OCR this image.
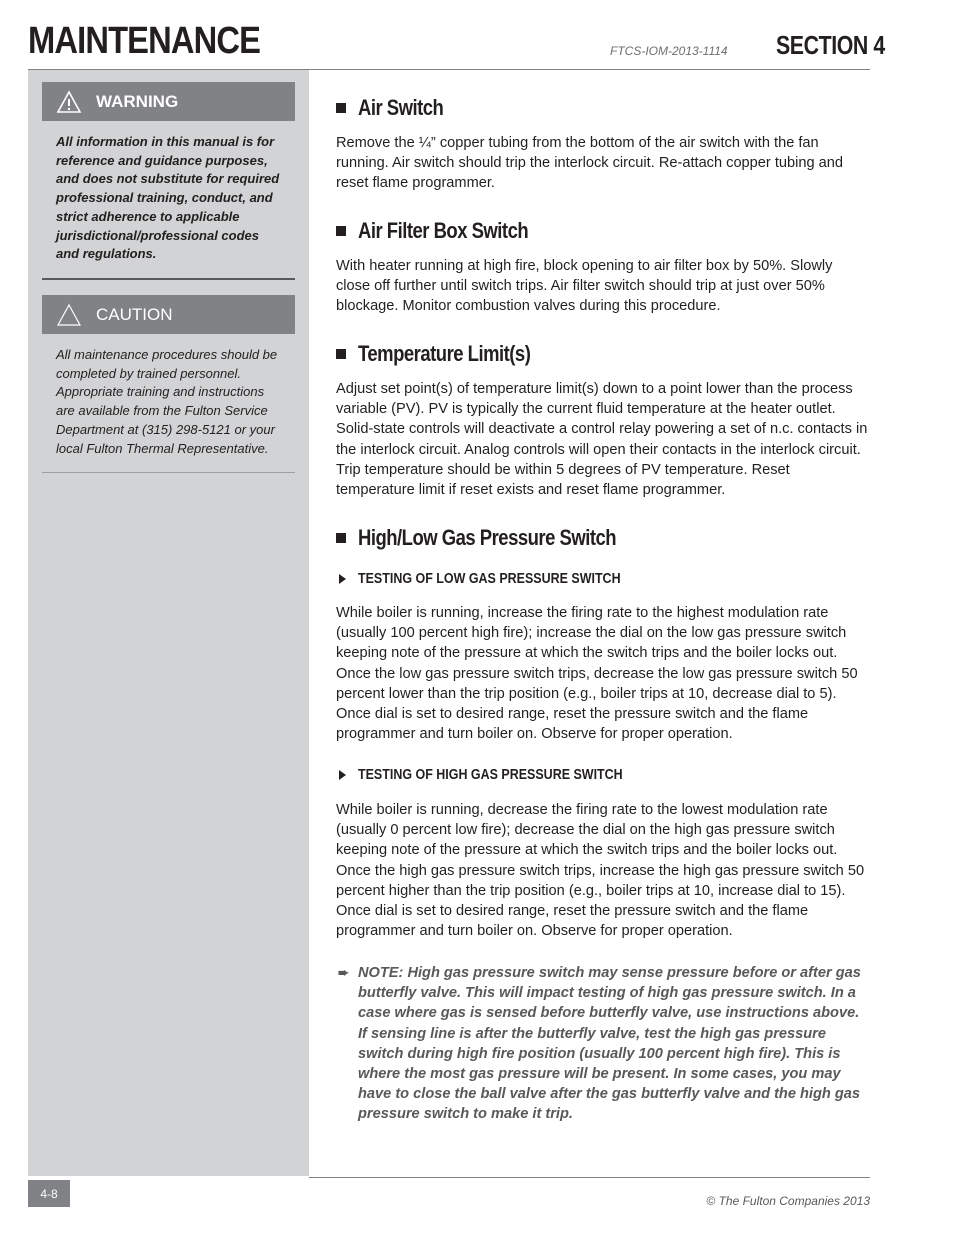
MAINTENANCE	FTCS-IOM-2013-1114 SECTION 4
WARNING
All information in this manual is for reference and guidance purposes, and does not substitute for required professional training, conduct, and strict adherence to applicable jurisdictional/professional codes and regulations.
CAUTION
All maintenance procedures should be completed by trained personnel. Appropriate training and instructions are available from the Fulton Service Department at (315) 298-5121 or your local Fulton Thermal Representative.
Air Switch
Remove the ¼” copper tubing from the bottom of the air switch with the fan running. Air switch should trip the interlock circuit. Re-attach copper tubing and reset flame programmer.
Air Filter Box Switch
With heater running at high fire, block opening to air filter box by 50%. Slowly close off further until switch trips. Air filter switch should trip at just over 50% blockage. Monitor combustion valves during this procedure.
Temperature Limit(s)
Adjust set point(s) of temperature limit(s) down to a point lower than the process variable (PV). PV is typically the current fluid temperature at the heater outlet. Solid-state controls will deactivate a control relay powering a set of n.c. contacts in the interlock circuit. Analog controls will open their contacts in the interlock circuit. Trip temperature should be within 5 degrees of PV temperature. Reset temperature limit if reset exists and reset flame programmer.
High/Low Gas Pressure Switch
TESTING OF LOW GAS PRESSURE SWITCH
While boiler is running, increase the firing rate to the highest modulation rate (usually 100 percent high fire); increase the dial on the low gas pressure switch keeping note of the pressure at which the switch trips and the boiler locks out. Once the low gas pressure switch trips, decrease the low gas pressure switch 50 percent lower than the trip position (e.g., boiler trips at 10, decrease dial to 5). Once dial is set to desired range, reset the pressure switch and the flame programmer and turn boiler on. Observe for proper operation.
TESTING OF HIGH GAS PRESSURE SWITCH
While boiler is running, decrease the firing rate to the lowest modulation rate (usually 0 percent low fire); decrease the dial on the high gas pressure switch keeping note of the pressure at which the switch trips and the boiler locks out. Once the high gas pressure switch trips, increase the high gas pressure switch 50 percent higher than the trip position (e.g., boiler trips at 10, increase dial to 15). Once dial is set to desired range, reset the pressure switch and the flame programmer and turn boiler on. Observe for proper operation.
➨ NOTE: High gas pressure switch may sense pressure before or after gas butterfly valve. This will impact testing of high gas pressure switch. In a case where gas is sensed before butterfly valve, use instructions above. If sensing line is after the butterfly valve, test the high gas pressure switch during high fire position (usually 100 percent high fire). This is where the most gas pressure will be present. In some cases, you may have to close the ball valve after the gas butterfly valve and the high gas pressure switch to make it trip.
4-8
© The Fulton Companies 2013
